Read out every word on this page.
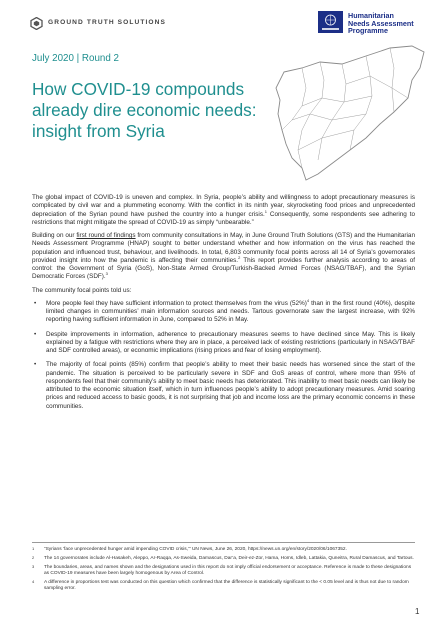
GROUND TRUTH SOLUTIONS
Humanitarian
Needs Assessment
Programme
July 2020 | Round 2
How COVID-19 compounds
already dire economic needs:
insight from Syria

The global impact of COVID-19 is uneven and complex. In Syria, people’s ability and willingness to adopt precautionary measures is complicated by civil war and a plummeting economy. With the conflict in its ninth year, skyrocketing food prices and unprecedented depreciation of the Syrian pound have pushed the country into a hunger crisis.$^1$ Consequently, some respondents see adhering to restrictions that might mitigate the spread of COVID-19 as simply “unbearable.”

Building on our first round of findings from community consultations in May, in June Ground Truth Solutions (GTS) and the Humanitarian Needs Assessment Programme (HNAP) sought to better understand whether and how information on the virus has reached the population and influenced trust, behaviour, and livelihoods. In total, 6,803 community focal points across all 14 of Syria’s governorates provided insight into how the pandemic is affecting their communities.$^2$ This report provides further analysis according to areas of control: the Government of Syria (GoS), Non-State Armed Group/Turkish-Backed Armed Forces (NSAG/TBAF), and the Syrian Democratic Forces (SDF).$^3$

The community focal points told us:

• More people feel they have sufficient information to protect themselves from the virus $(52\%)^4$ than in the first round (40%), despite limited changes in communities’ main information sources and needs. Tartous governorate saw the largest increase, with 92% reporting having sufficient information in June, compared to 52% in May.
• Despite improvements in information, adherence to precautionary measures seems to have declined since May. This is likely explained by a fatigue with restrictions where they are in place, a perceived lack of existing restrictions (particularly in NSAG/TBAF and SDF controlled areas), or economic implications (rising prices and fear of losing employment).
• The majority of focal points (85%) confirm that people’s ability to meet their basic needs has worsened since the start of the pandemic. The situation is perceived to be particularly severe in SDF and GoS areas of control, where more than 95% of respondents feel that their community’s ability to meet basic needs has deteriorated. This inability to meet basic needs can likely be attributed to the economic situation itself, which in turn influences people’s ability to adopt precautionary measures. Amid soaring prices and reduced access to basic goods, it is not surprising that job and income loss are the primary economic concerns in these communities.
1 “Syrians ‘face unprecedented hunger amid impending COVID crisis,’” UN News, June 26, 2020, https://news.un.org/en/story/2020/06/1067352.
2 The 14 governorates include Al-Hasakeh, Aleppo, Ar-Raqqa, As-Sweida, Damascus, Dar’a, Deir-ez-Zor, Hama, Homs, Idleb, Lattakia, Quneitra, Rural Damascus, and Tartous.
3 The boundaries, areas, and names shown and the designations used in this report do not imply official endorsement or acceptance. Reference is made to these designations as COVID-19 measures have been largely homogenous by Area of Control.
4 A difference in proportions test was conducted on this question which confirmed that the difference is statistically significant to the < 0.05 level and is thus not due to random sampling error.
1
